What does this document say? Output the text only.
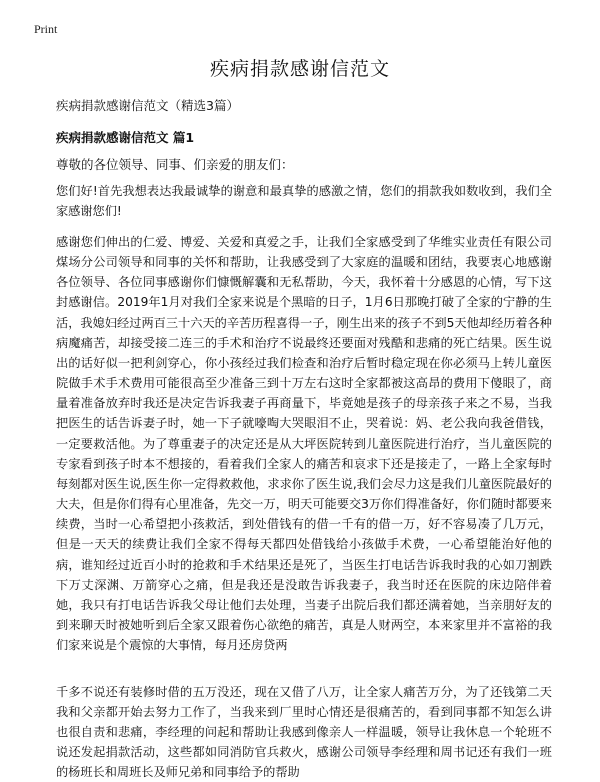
Print
疾病捐款感谢信范文
疾病捐款感谢信范文（精选3篇）
疾病捐款感谢信范文 篇1
尊敬的各位领导、同事、们亲爱的朋友们：

您们好!首先我想表达我最诚挚的谢意和最真挚的感激之情，您们的捐款我如数收到，我们全家感谢您们!

感谢您们伸出的仁爱、博爱、关爱和真爱之手，让我们全家感受到了华维实业责任有限公司煤场分公司领导和同事的关怀和帮助，让我感受到了大家庭的温暖和团结，我要衷心地感谢各位领导、各位同事感谢你们慷慨解囊和无私帮助，今天，我怀着十分感恩的心情，写下这封感谢信。2019年1月对我们全家来说是个黑暗的日子，1月6日那晚打破了全家的宁静的生活，我媳妇经过两百三十六天的辛苦历程喜得一子，刚生出来的孩子不到5天他却经历着各种病魔痛苦，却接受接二连三的手术和治疗不说最终还要面对残酷和悲痛的死亡结果。医生说出的话好似一把利剑穿心，你小孩经过我们检查和治疗后暂时稳定现在你必须马上转儿童医院做手术手术费用可能很高至少准备三到十万左右这时全家都被这高昂的费用下傻眼了，商量着准备放弃时我还是决定告诉我妻子再商量下，毕竟她是孩子的母亲孩子来之不易，当我把医生的话告诉妻子时，她一下子就嚎啕大哭眼泪不止，哭着说：妈、老公我向我爸借钱，一定要救活他。为了尊重妻子的决定还是从大坪医院转到儿童医院进行治疗，当儿童医院的专家看到孩子时本不想接的，看着我们全家人的痛苦和哀求下还是接走了，一路上全家每时每刻都对医生说,医生你一定得救救他，求求你了医生说,我们会尽力这是我们儿童医院最好的大夫，但是你们得有心里准备，先交一万，明天可能要交3万你们得准备好，你们随时都要来续费，当时一心希望把小孩救活，到处借钱有的借一千有的借一万，好不容易凑了几万元，但是一天天的续费让我们全家不得每天都四处借钱给小孩做手术费，一心希望能治好他的病，谁知经过近百小时的抢救和手术结果还是死了，当医生打电话告诉我时我的心如刀割跌下万丈深渊、万箭穿心之痛，但是我还是没敢告诉我妻子，我当时还在医院的床边陪伴着她，我只有打电话告诉我父母让他们去处理，当妻子出院后我们都还满着她，当亲朋好友的到来聊天时被她听到后全家又跟着伤心欲绝的痛苦，真是人财两空，本来家里并不富裕的我们家来说是个震惊的大事情，每月还房贷两

千多不说还有装修时借的五万没还，现在又借了八万，让全家人痛苦万分，为了还钱第二天我和父亲都开始去努力工作了，当我来到厂里时心情还是很痛苦的，看到同事都不知怎么讲也很自责和悲痛，李经理的问起和帮助让我感到像亲人一样温暖，领导让我休息一个轮班不说还发起捐款活动，这些都如同消防官兵救火，感谢公司领导李经理和周书记还有我们一班的杨班长和周班长及师兄弟和同事给予的帮助
